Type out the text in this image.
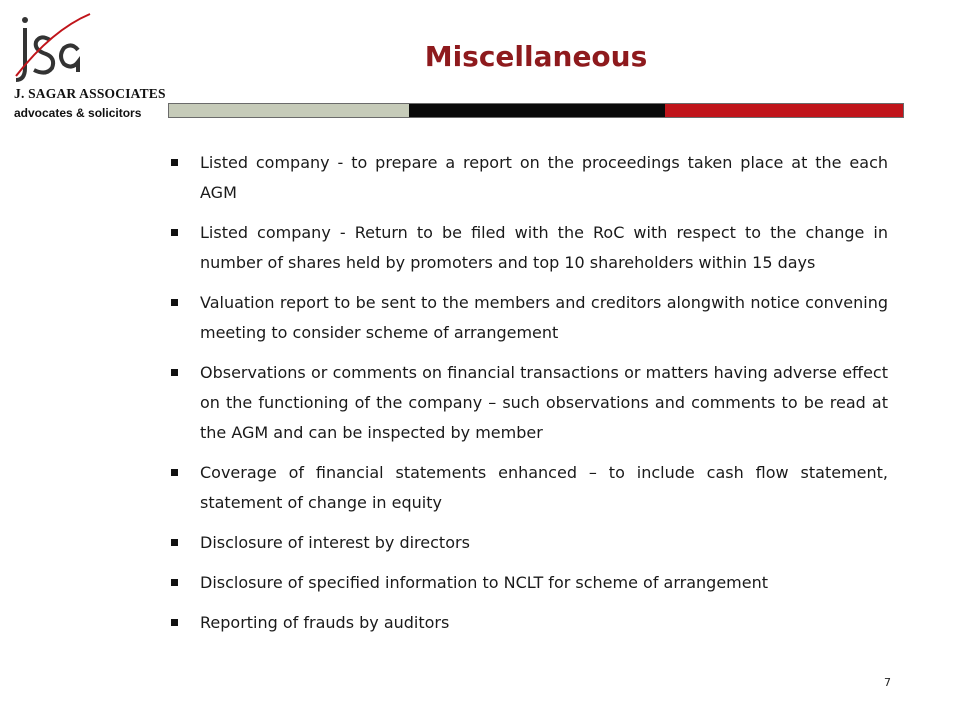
J. SAGAR ASSOCIATES
advocates & solicitors
Miscellaneous
Listed company - to prepare a report on the proceedings taken place at the each AGM
Listed company - Return to be filed with the RoC with respect to the change in number of shares held by promoters and top 10 shareholders within 15 days
Valuation report to be sent to the members and creditors alongwith notice convening meeting to consider scheme of arrangement
Observations or comments on financial transactions or matters having adverse effect on the functioning of the company – such observations and comments to be read at the AGM and can be inspected by member
Coverage of financial statements enhanced – to include cash flow statement, statement of change in equity
Disclosure of interest by directors
Disclosure of specified information to NCLT for scheme of arrangement
Reporting of frauds by auditors
7
